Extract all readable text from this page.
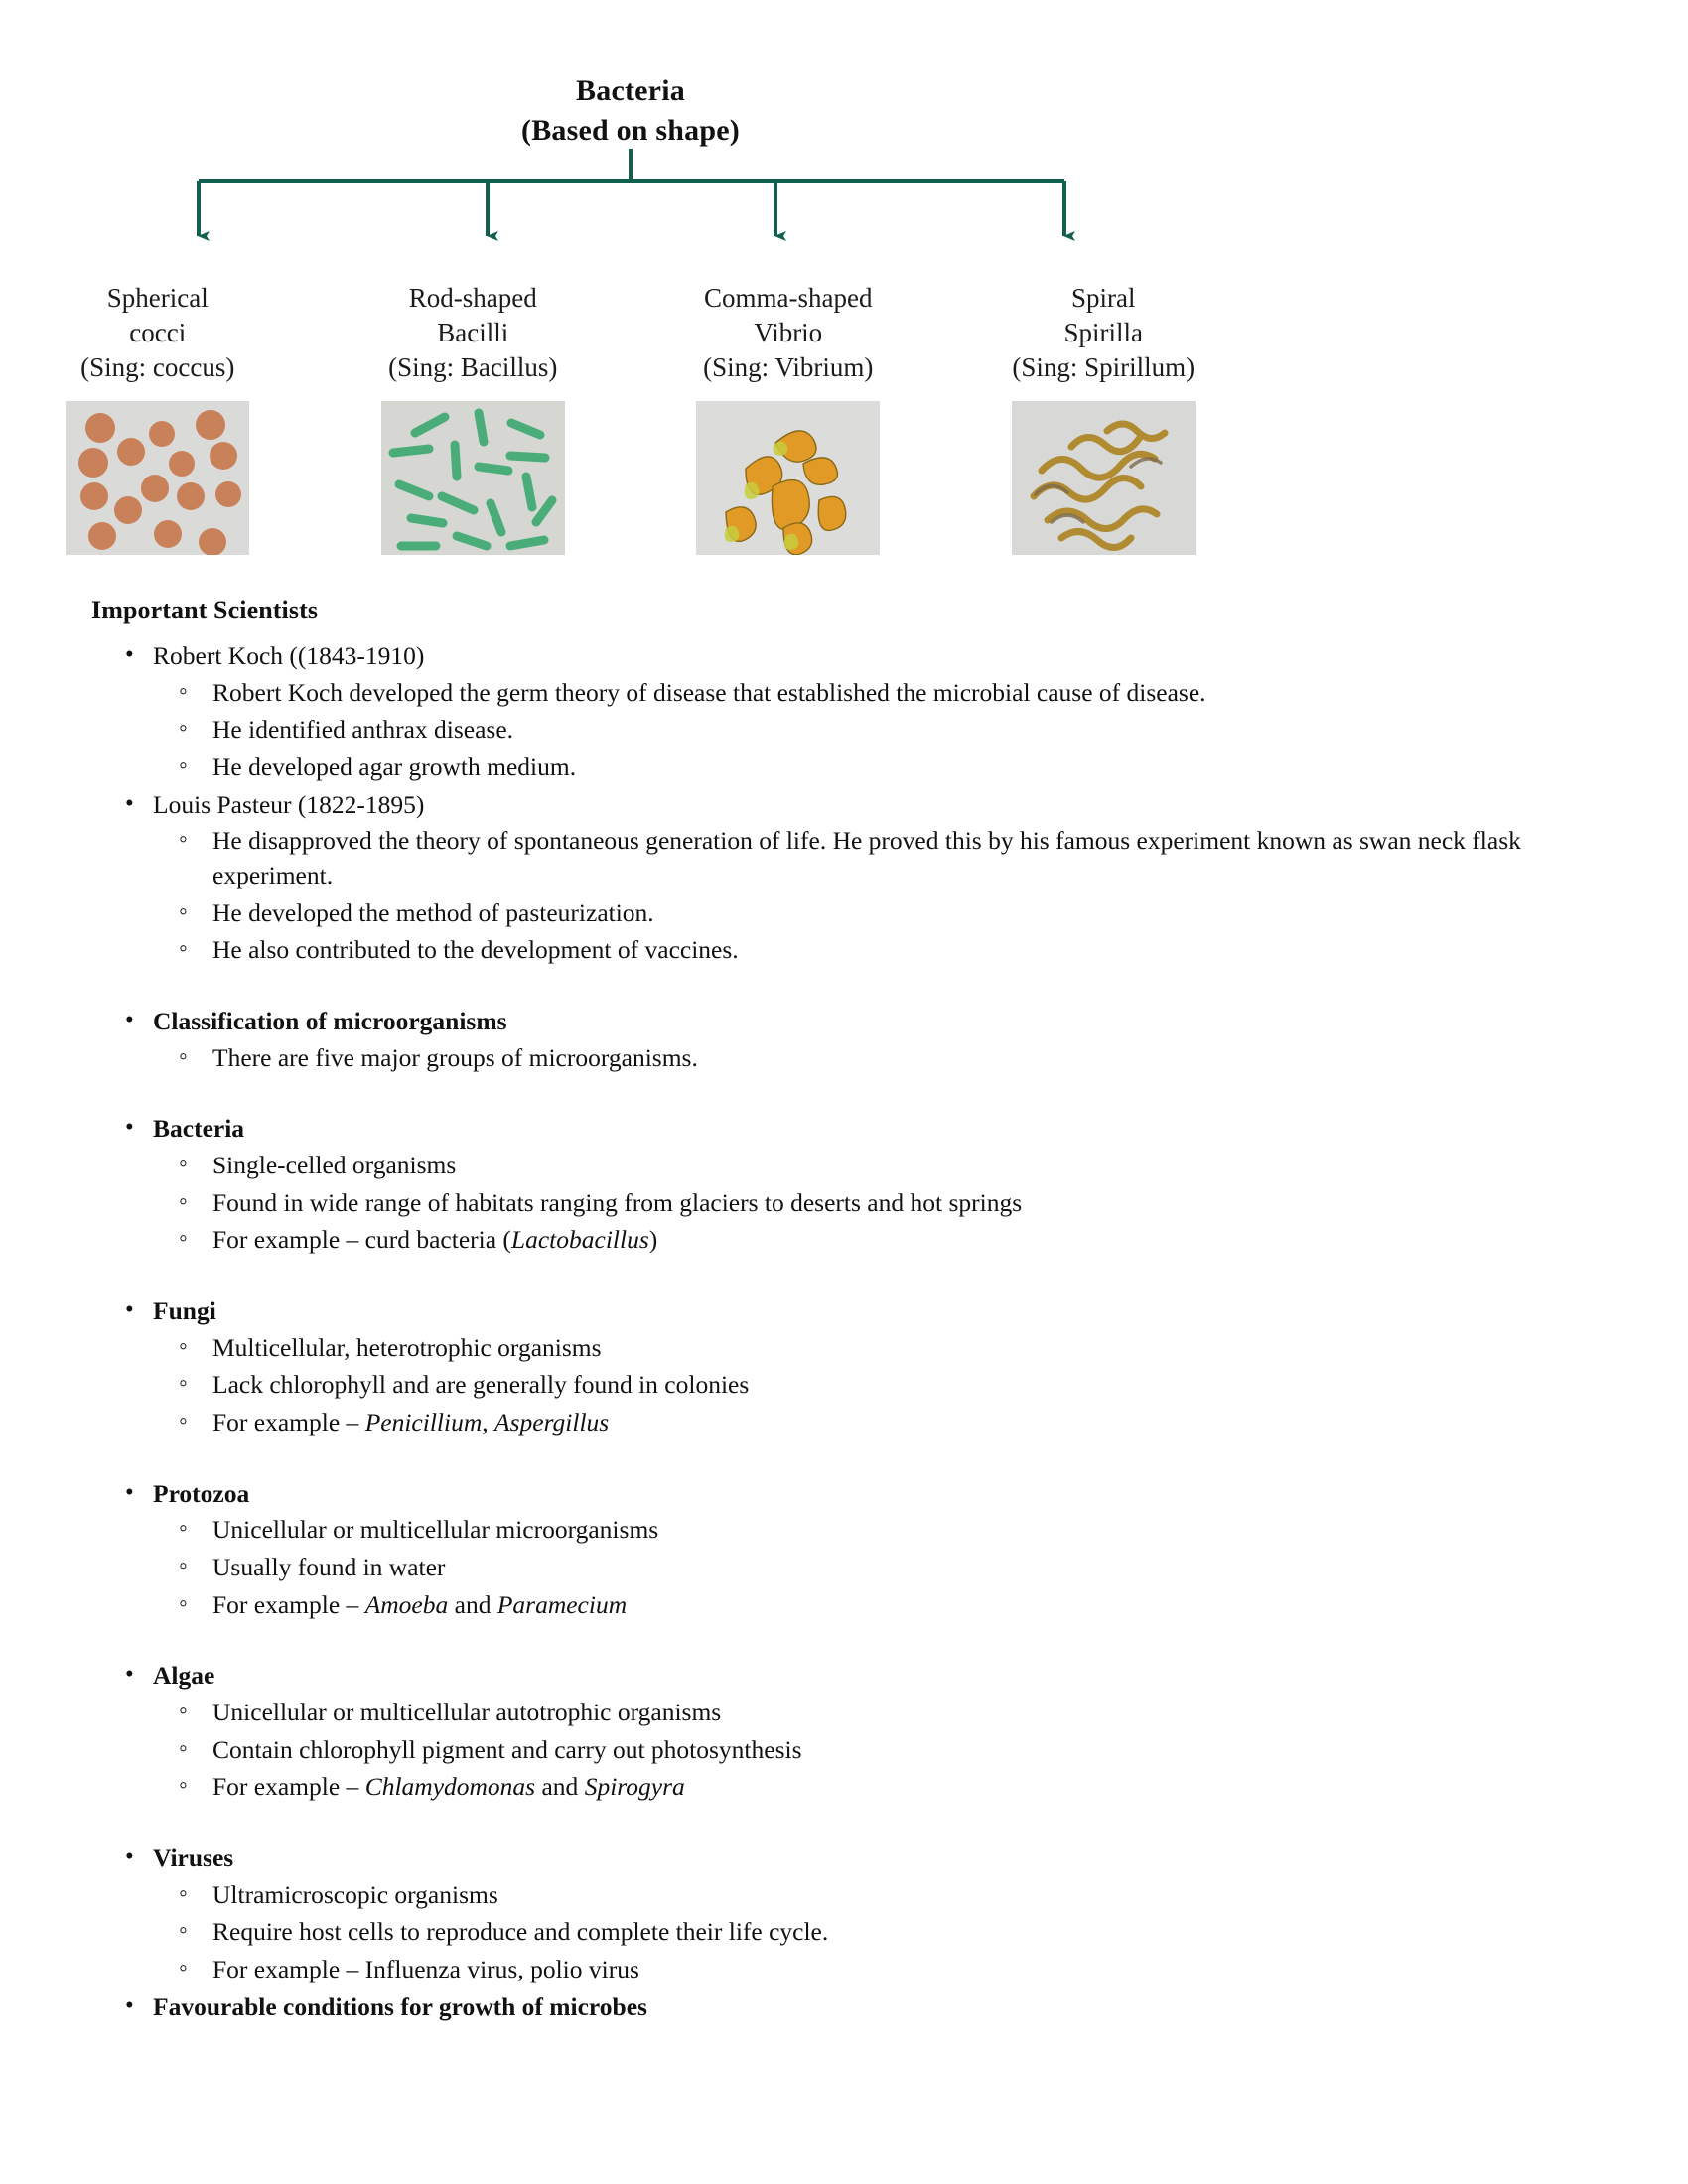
Bacteria
(Based on shape)
Spherical
cocci
(Sing: coccus)
Rod-shaped
Bacilli
(Sing: Bacillus)
Comma-shaped
Vibrio
(Sing: Vibrium)
Spiral
Spirilla
(Sing: Spirillum)
Important Scientists
• Robert Koch ((1843-1910)
◦ Robert Koch developed the germ theory of disease that established the microbial cause of disease.
◦ He identified anthrax disease.
◦ He developed agar growth medium.
• Louis Pasteur (1822-1895)
◦ He disapproved the theory of spontaneous generation of life. He proved this by his famous experiment known as swan neck flask experiment.
◦ He developed the method of pasteurization.
◦ He also contributed to the development of vaccines.
• Classification of microorganisms
◦ There are five major groups of microorganisms.
• Bacteria
◦ Single-celled organisms
◦ Found in wide range of habitats ranging from glaciers to deserts and hot springs
◦ For example – curd bacteria (Lactobacillus)
• Fungi
◦ Multicellular, heterotrophic organisms
◦ Lack chlorophyll and are generally found in colonies
◦ For example – Penicillium, Aspergillus
• Protozoa
◦ Unicellular or multicellular microorganisms
◦ Usually found in water
◦ For example – Amoeba and Paramecium
• Algae
◦ Unicellular or multicellular autotrophic organisms
◦ Contain chlorophyll pigment and carry out photosynthesis
◦ For example – Chlamydomonas and Spirogyra
• Viruses
◦ Ultramicroscopic organisms
◦ Require host cells to reproduce and complete their life cycle.
◦ For example – Influenza virus, polio virus
• Favourable conditions for growth of microbes
